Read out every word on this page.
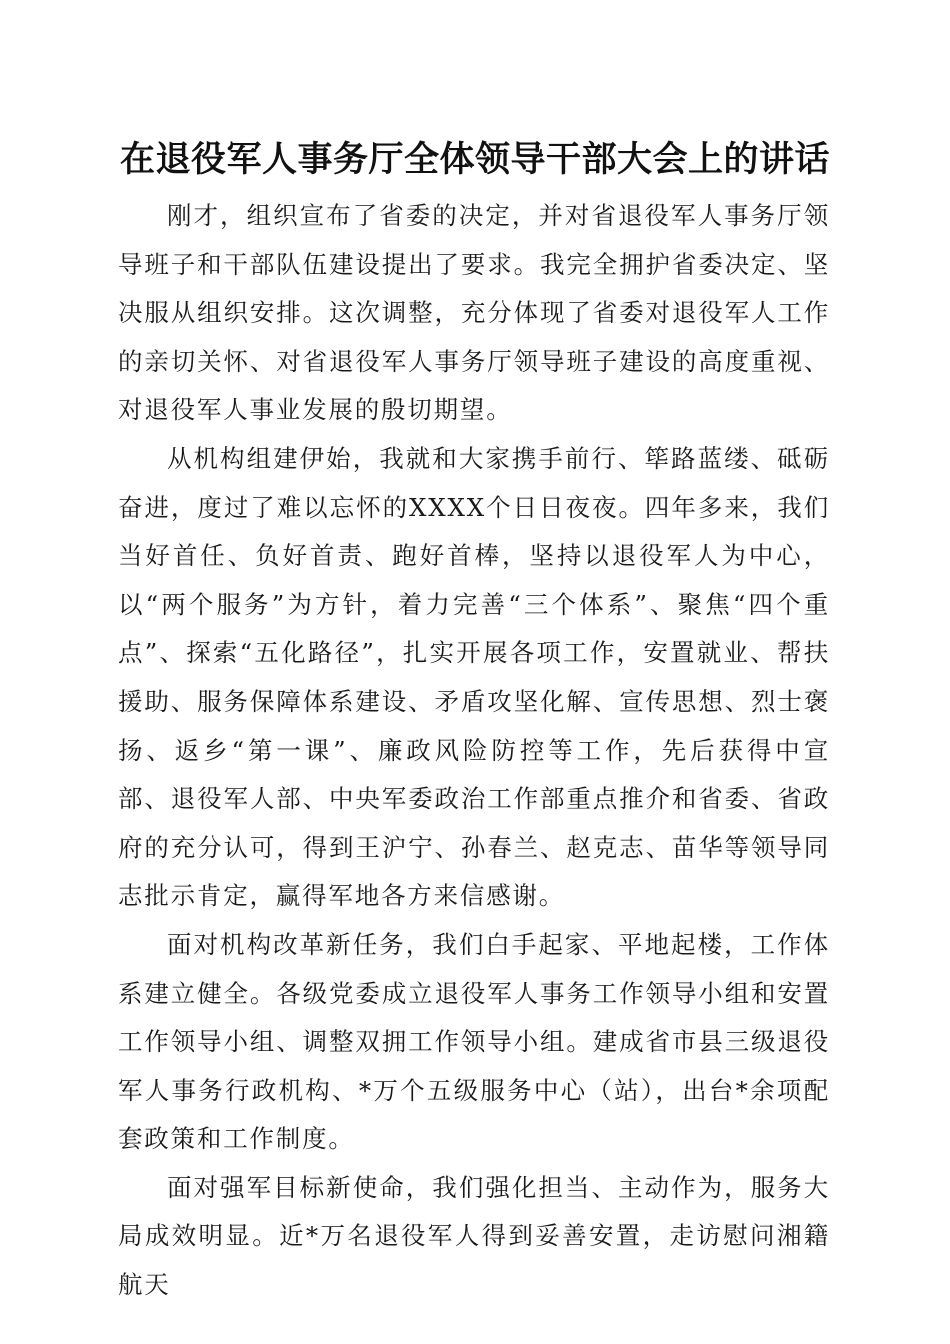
在退役军人事务厅全体领导干部大会上的讲话

刚才，组织宣布了省委的决定，并对省退役军人事务厅领导班子和干部队伍建设提出了要求。我完全拥护省委决定、坚决服从组织安排。这次调整，充分体现了省委对退役军人工作的亲切关怀、对省退役军人事务厅领导班子建设的高度重视、对退役军人事业发展的殷切期望。

从机构组建伊始，我就和大家携手前行、筚路蓝缕、砥砺奋进，度过了难以忘怀的XXXX个日日夜夜。四年多来，我们当好首任、负好首责、跑好首棒，坚持以退役军人为中心，以“两个服务”为方针，着力完善“三个体系”、聚焦“四个重点”、探索“五化路径”，扎实开展各项工作，安置就业、帮扶援助、服务保障体系建设、矛盾攻坚化解、宣传思想、烈士褒扬、返乡“第一课”、廉政风险防控等工作，先后获得中宣部、退役军人部、中央军委政治工作部重点推介和省委、省政府的充分认可，得到王沪宁、孙春兰、赵克志、苗华等领导同志批示肯定，赢得军地各方来信感谢。

面对机构改革新任务，我们白手起家、平地起楼，工作体系建立健全。各级党委成立退役军人事务工作领导小组和安置工作领导小组、调整双拥工作领导小组。建成省市县三级退役军人事务行政机构、*万个五级服务中心（站），出台*余项配套政策和工作制度。

面对强军目标新使命，我们强化担当、主动作为，服务大局成效明显。近*万名退役军人得到妥善安置，走访慰问湘籍航天
